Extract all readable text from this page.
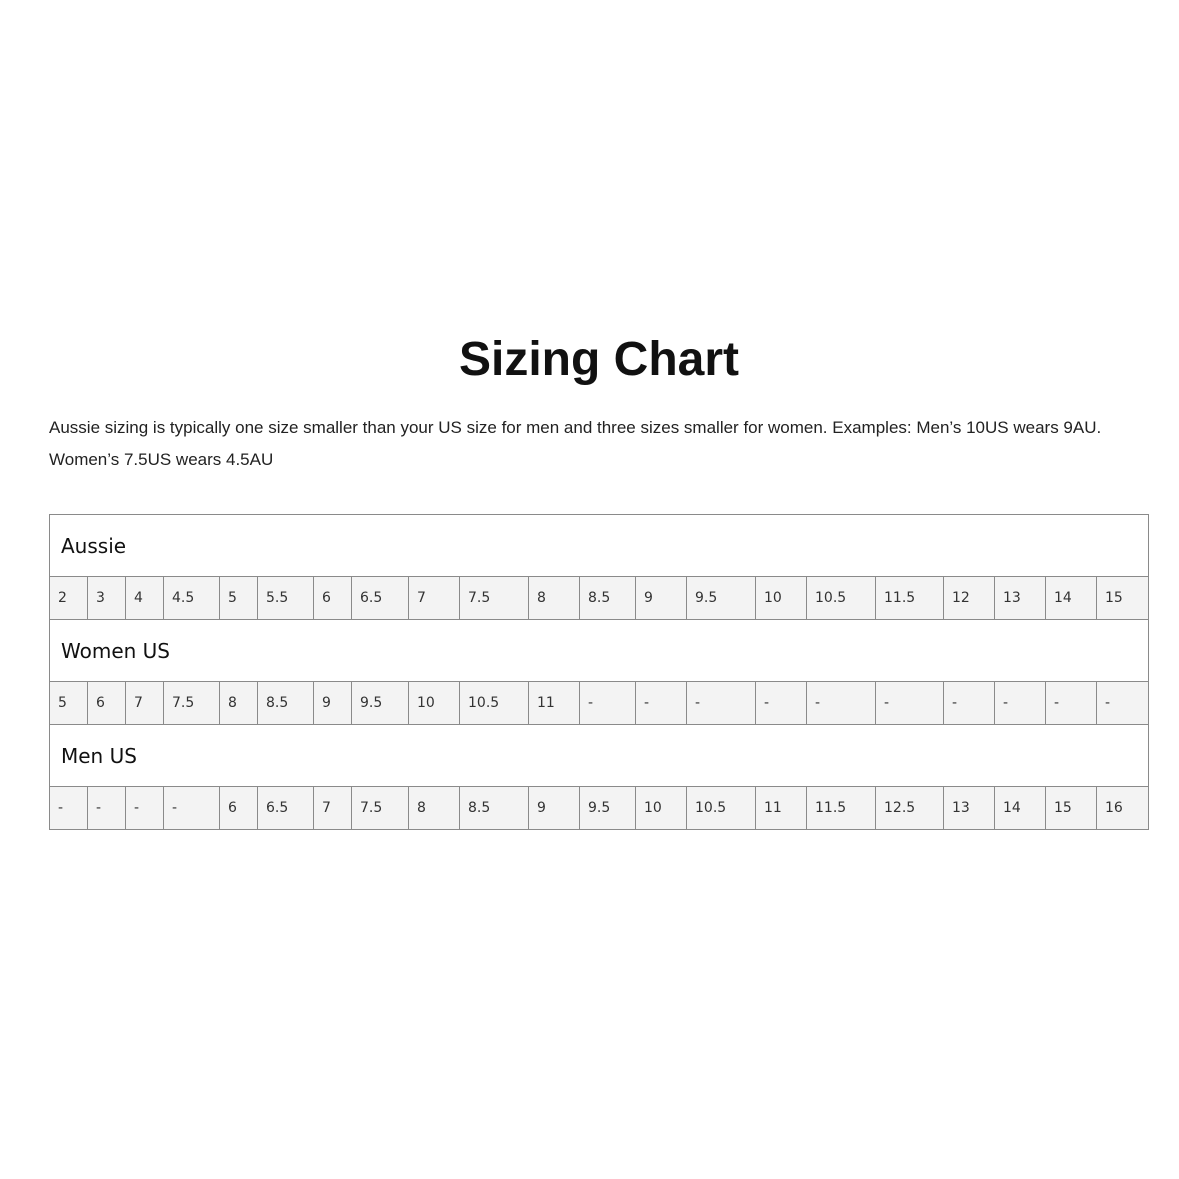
Sizing Chart

Aussie sizing is typically one size smaller than your US size for men and three sizes smaller for women. Examples: Men’s 10US wears 9AU. Women’s 7.5US wears 4.5AU

Aussie																				
2	3	4	4.5	5	5.5	6	6.5	7	7.5	8	8.5	9	9.5	10	10.5	11.5	12	13	14	15
Women US																				
5	6	7	7.5	8	8.5	9	9.5	10	10.5	11	-	-	-	-	-	-	-	-	-	-
Men US																				
-	-	-	-	6	6.5	7	7.5	8	8.5	9	9.5	10	10.5	11	11.5	12.5	13	14	15	16
